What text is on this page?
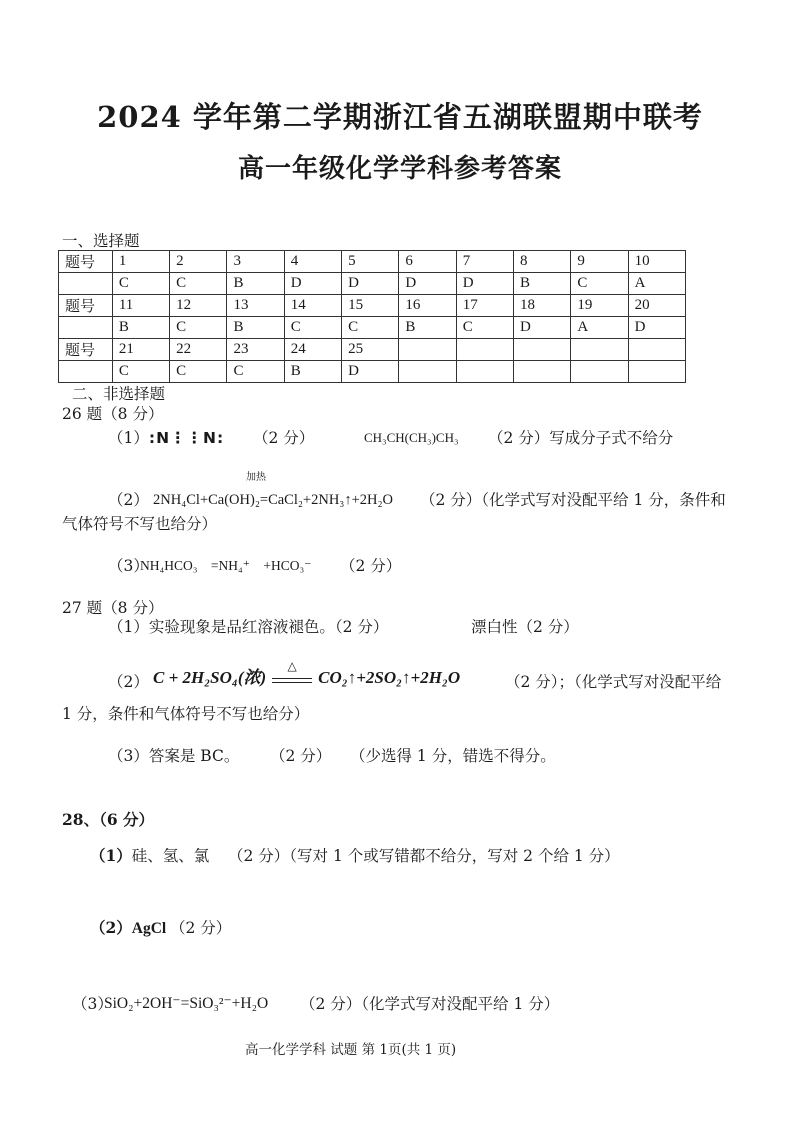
2024 学年第二学期浙江省五湖联盟期中联考
高一年级化学学科参考答案
一、选择题
题号	1	2	3	4	5	6	7	8	9	10
	C	C	B	D	D	D	D	B	C	A
题号	11	12	13	14	15	16	17	18	19	20
	B	C	B	C	C	B	C	D	A	D
题号	21	22	23	24	25					
	C	C	C	B	D					
二、非选择题
26 题（8 分）
（1）:N⋮⋮N: （2 分）	CH₃CH(CH₃)CH₃ （2 分）写成分子式不给分
加热
（2） 2NH₄Cl+Ca(OH)₂=CaCl₂+2NH₃↑+2H₂O （2 分）（化学式写对没配平给 1 分，条件和
气体符号不写也给分）
（3）
NH₄HCO₃　=NH₄⁺　+HCO₃⁻ （2 分）
27 题（8 分）
（1）实验现象是品红溶液褪色。（2 分）	漂白性（2 分）
（2） C + 2H₂SO₄(浓)
△
CO₂↑+2SO₂↑+2H₂O	（2 分）；（化学式写对没配平给
1 分，条件和气体符号不写也给分）
（3）答案是 BC。 （2 分） （少选得 1 分，错选不得分。
28、（6 分）
（1）硅、氢、氯 （2 分）（写对 1 个或写错都不给分，写对 2 个给 1 分）
（2）AgCl （2 分）
（3）
SiO₂+2OH⁻=SiO₃²⁻+H₂O （2 分）（化学式写对没配平给 1 分）
高一化学学科 试题 第 1页(共 1 页)
